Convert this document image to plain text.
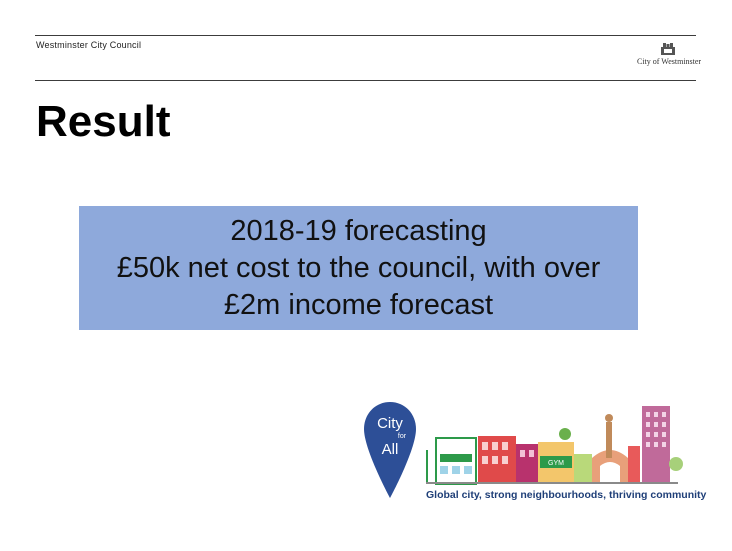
Westminster City Council
City of Westminster
Result
2018-19 forecasting
£50k net cost to the council, with over
£2m income forecast
City
for
All
GYM
Global city, strong neighbourhoods, thriving community
